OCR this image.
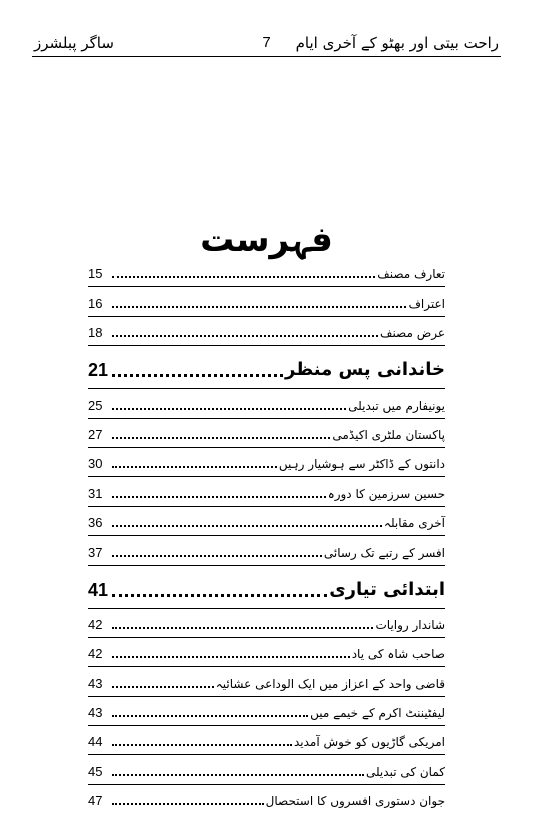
راحت بیتی اور بھٹو کے آخری ایام
7
ساگر پبلشرز
فہرست
تعارف مصنف
15
اعتراف
16
عرض مصنف
18
خاندانی پس منظر
21
یونیفارم میں تبدیلی
25
پاکستان ملٹری اکیڈمی
27
دانتوں کے ڈاکٹر سے ہوشیار رہیں
30
حسین سرزمین کا دورہ
31
آخری مقابلہ
36
افسر کے رتبے تک رسائی
37
ابتدائی تیاری
41
شاندار روایات
42
صاحب شاہ کی یاد
42
قاضی واحد کے اعزاز میں ایک الوداعی عشائیہ
43
لیفٹیننٹ اکرم کے خیمے میں
43
امریکی گاڑیوں کو خوش آمدید
44
کمان کی تبدیلی
45
جوان دستوری افسروں کا استحصال
47
